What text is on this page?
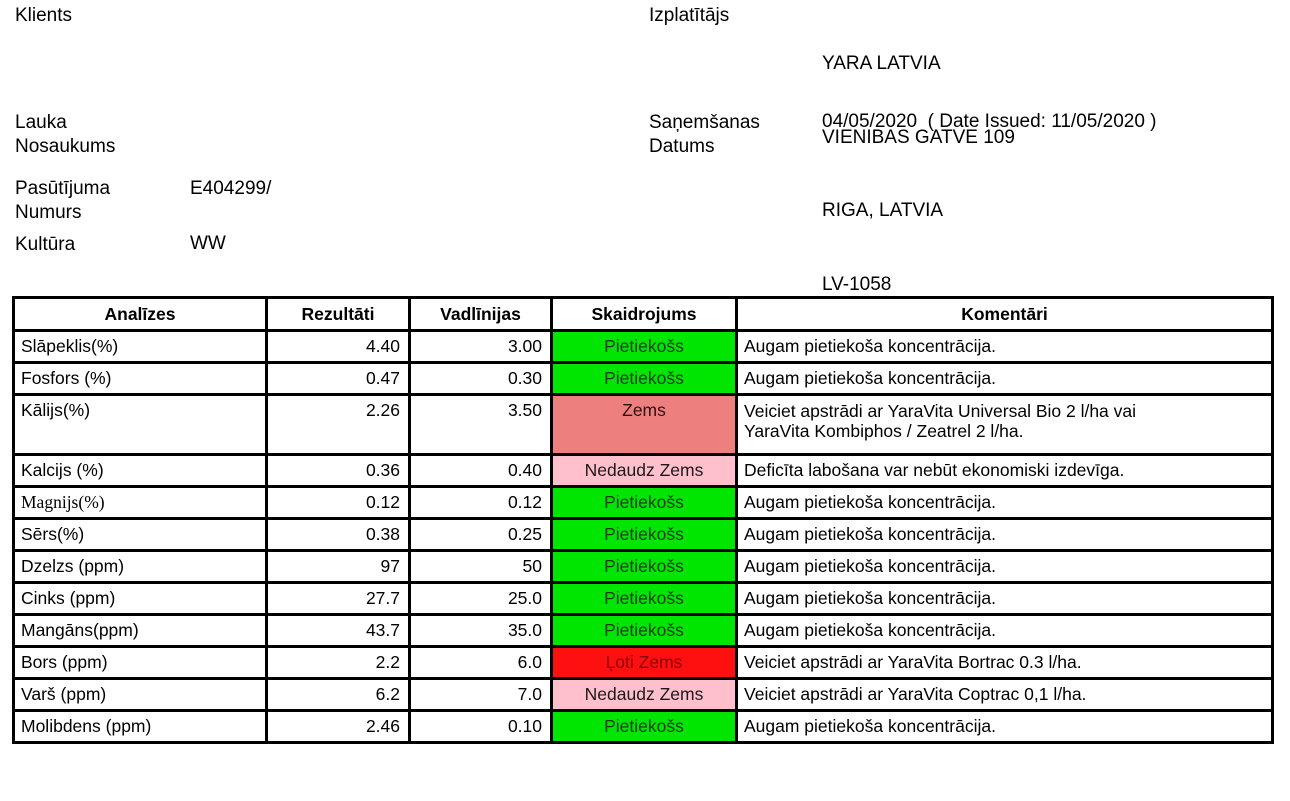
Klients
Lauka
Nosaukums
Pasūtījuma
Numurs
E404299/
Kultūra	WW
Izplatītājs

YARA LATVIA

VIENIBAS GATVE 109

RIGA, LATVIA

LV-1058

Saņemšanas
Datums
04/05/2020  ( Date Issued: 11/05/2020 )
Analīzes	Rezultāti	Vadlīnijas	Skaidrojums	Komentāri
Slāpeklis(%)	4.40	3.00	Pietiekošs	Augam pietiekoša koncentrācija.
Fosfors (%)	0.47	0.30	Pietiekošs	Augam pietiekoša koncentrācija.
Kālijs(%)	2.26	3.50	Zems	Veiciet apstrādi ar YaraVita Universal Bio 2 l/ha vai
YaraVita Kombiphos / Zeatrel 2 l/ha.

Kalcijs (%)	0.36	0.40	Nedaudz Zems	Deficīta labošana var nebūt ekonomiski izdevīga.
Magnijs(%)	0.12	0.12	Pietiekošs	Augam pietiekoša koncentrācija.
Sērs(%)	0.38	0.25	Pietiekošs	Augam pietiekoša koncentrācija.
Dzelzs (ppm)	97	50	Pietiekošs	Augam pietiekoša koncentrācija.
Cinks (ppm)	27.7	25.0	Pietiekošs	Augam pietiekoša koncentrācija.
Mangāns(ppm)	43.7	35.0	Pietiekošs	Augam pietiekoša koncentrācija.
Bors (ppm)	2.2	6.0	Ļoti Zems	Veiciet apstrādi ar YaraVita Bortrac 0.3 l/ha.
Varš (ppm)	6.2	7.0	Nedaudz Zems	Veiciet apstrādi ar YaraVita Coptrac 0,1 l/ha.
Molibdens (ppm)	2.46	0.10	Pietiekošs	Augam pietiekoša koncentrācija.
